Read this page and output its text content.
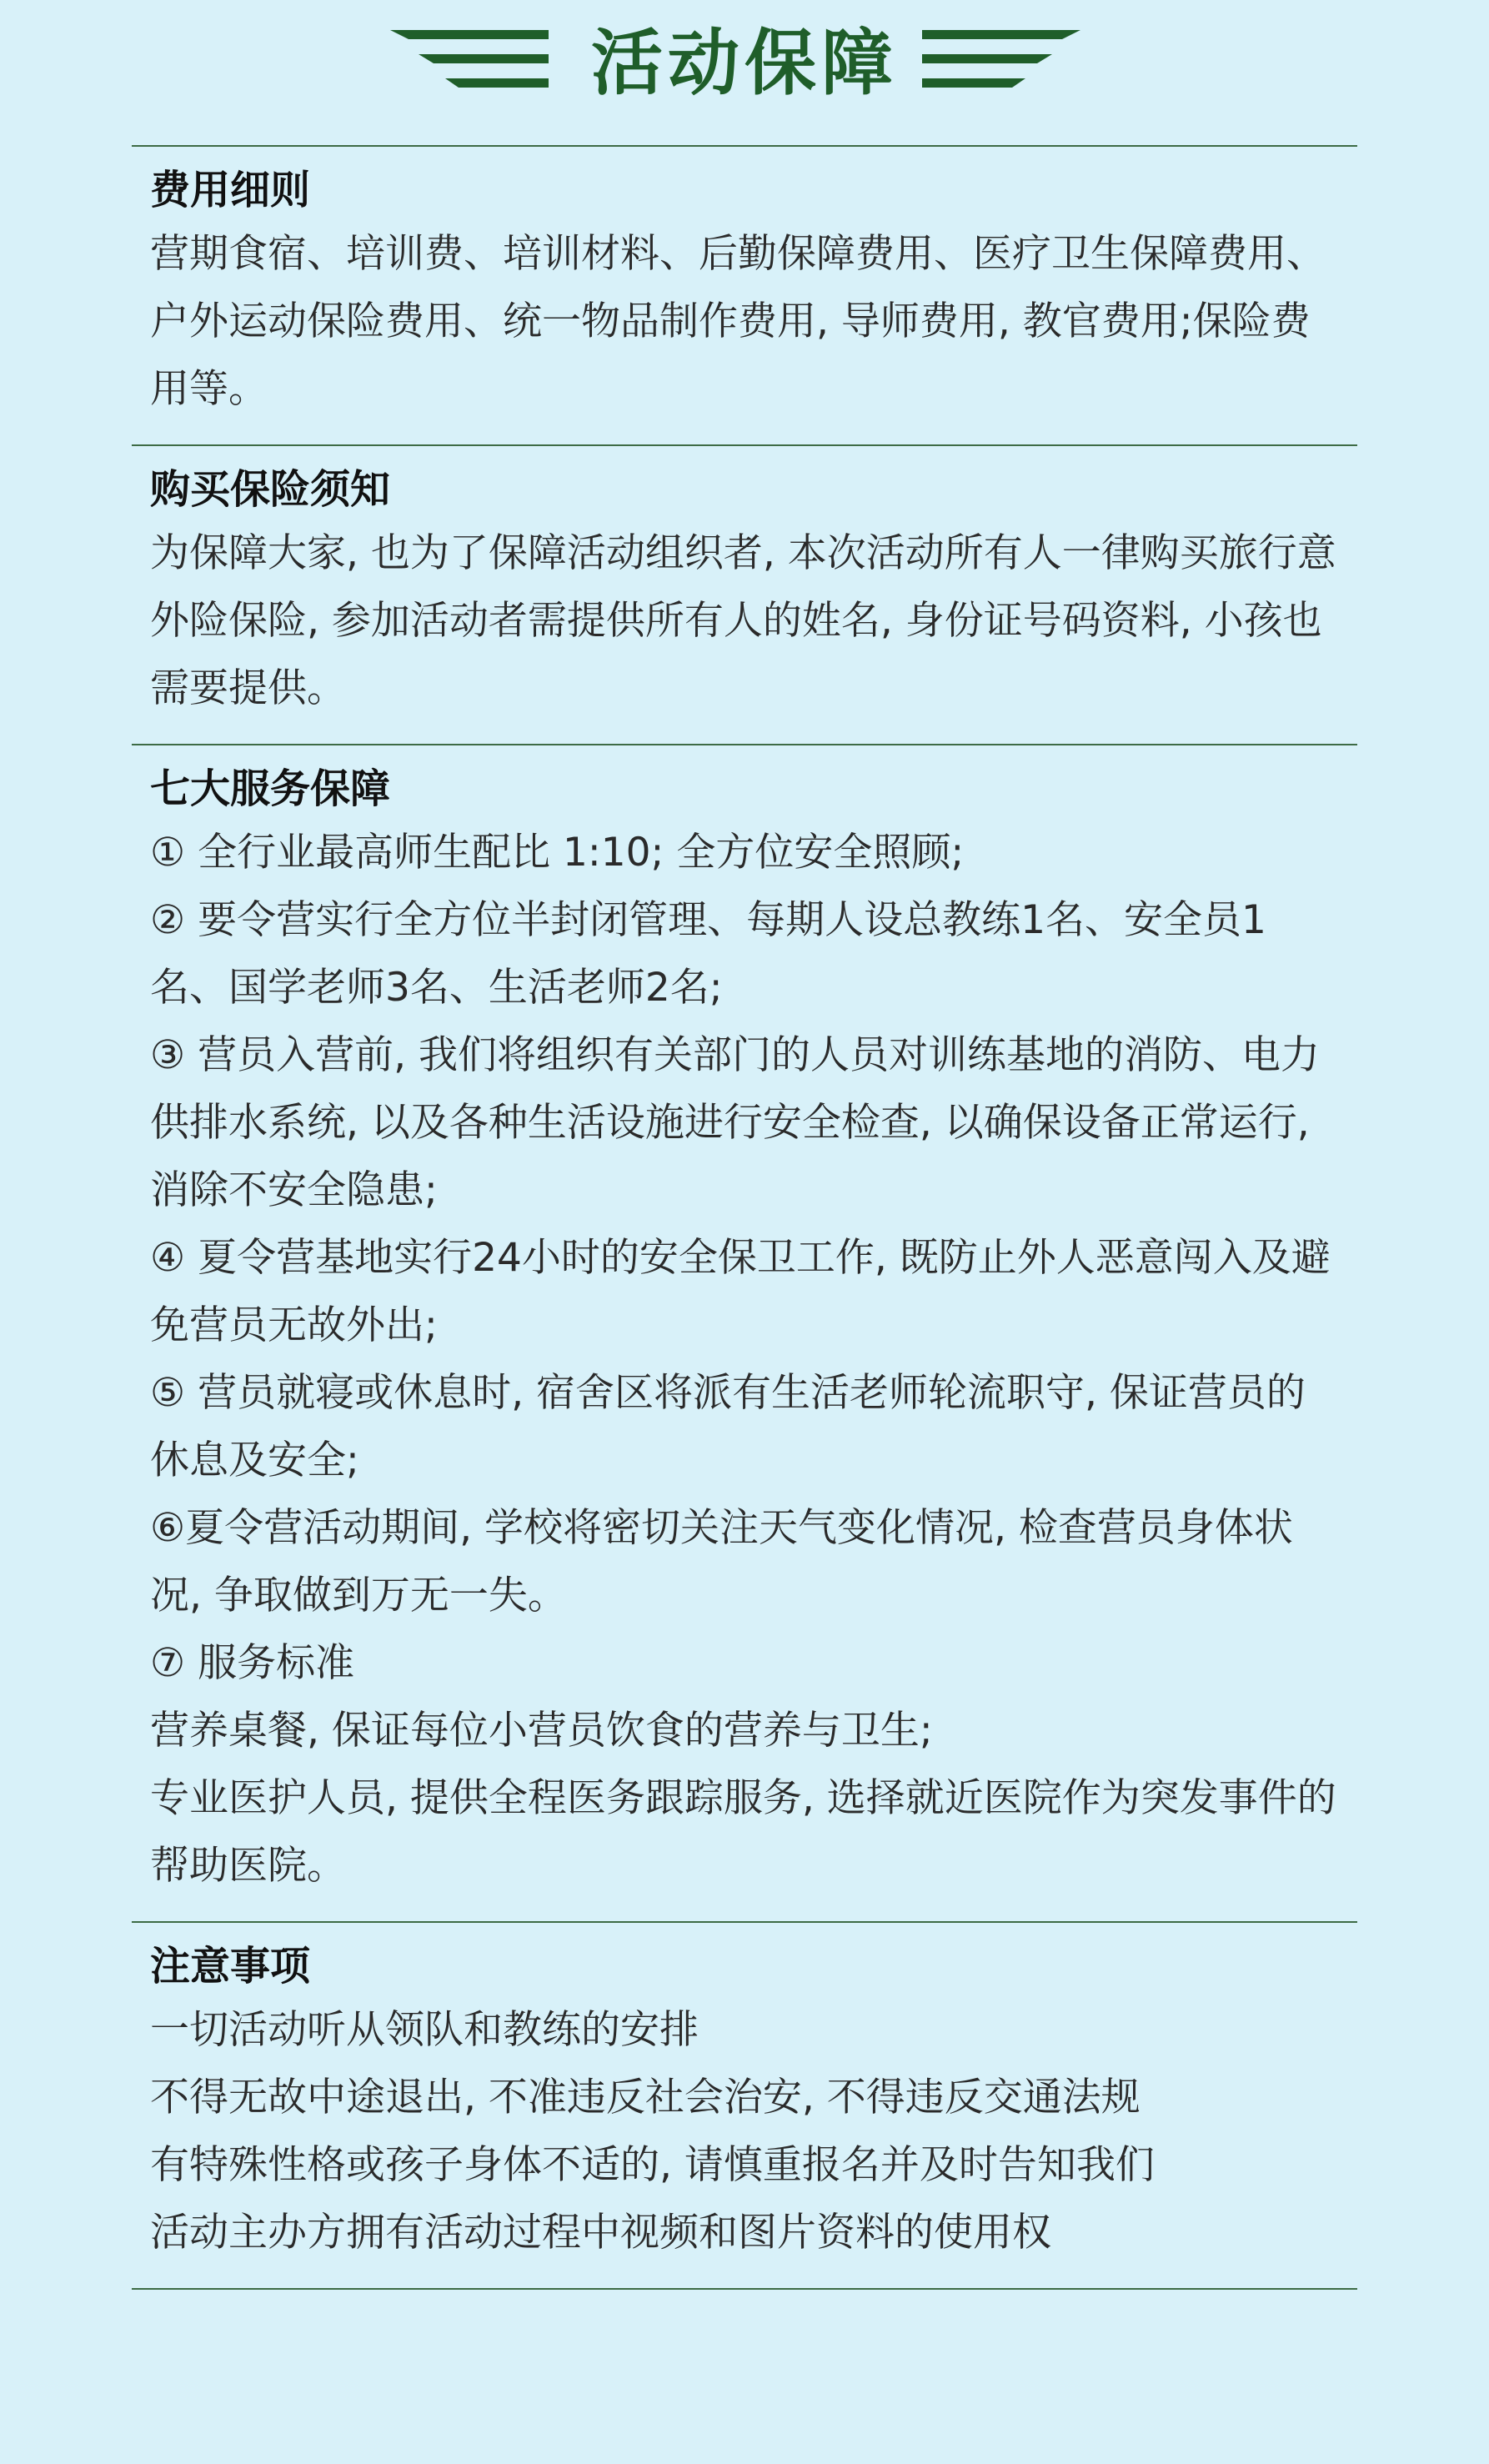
活动保障
费用细则
营期食宿、培训费、培训材料、后勤保障费用、医疗卫生保障费用、户外运动保险费用、统一物品制作费用, 导师费用, 教官费用;保险费用等。
购买保险须知
为保障大家, 也为了保障活动组织者, 本次活动所有人一律购买旅行意外险保险, 参加活动者需提供所有人的姓名, 身份证号码资料, 小孩也需要提供。
七大服务保障
① 全行业最高师生配比 1:10; 全方位安全照顾;
② 要令营实行全方位半封闭管理、每期人设总教练1名、安全员1名、国学老师3名、生活老师2名;
③ 营员入营前, 我们将组织有关部门的人员对训练基地的消防、电力供排水系统, 以及各种生活设施进行安全检查, 以确保设备正常运行, 消除不安全隐患;
④ 夏令营基地实行24小时的安全保卫工作, 既防止外人恶意闯入及避免营员无故外出;
⑤ 营员就寝或休息时, 宿舍区将派有生活老师轮流职守, 保证营员的休息及安全;
⑥夏令营活动期间, 学校将密切关注天气变化情况, 检查营员身体状况, 争取做到万无一失。
⑦ 服务标准
营养桌餐, 保证每位小营员饮食的营养与卫生;
专业医护人员, 提供全程医务跟踪服务, 选择就近医院作为突发事件的帮助医院。
注意事项
一切活动听从领队和教练的安排
不得无故中途退出, 不准违反社会治安, 不得违反交通法规
有特殊性格或孩子身体不适的, 请慎重报名并及时告知我们
活动主办方拥有活动过程中视频和图片资料的使用权
